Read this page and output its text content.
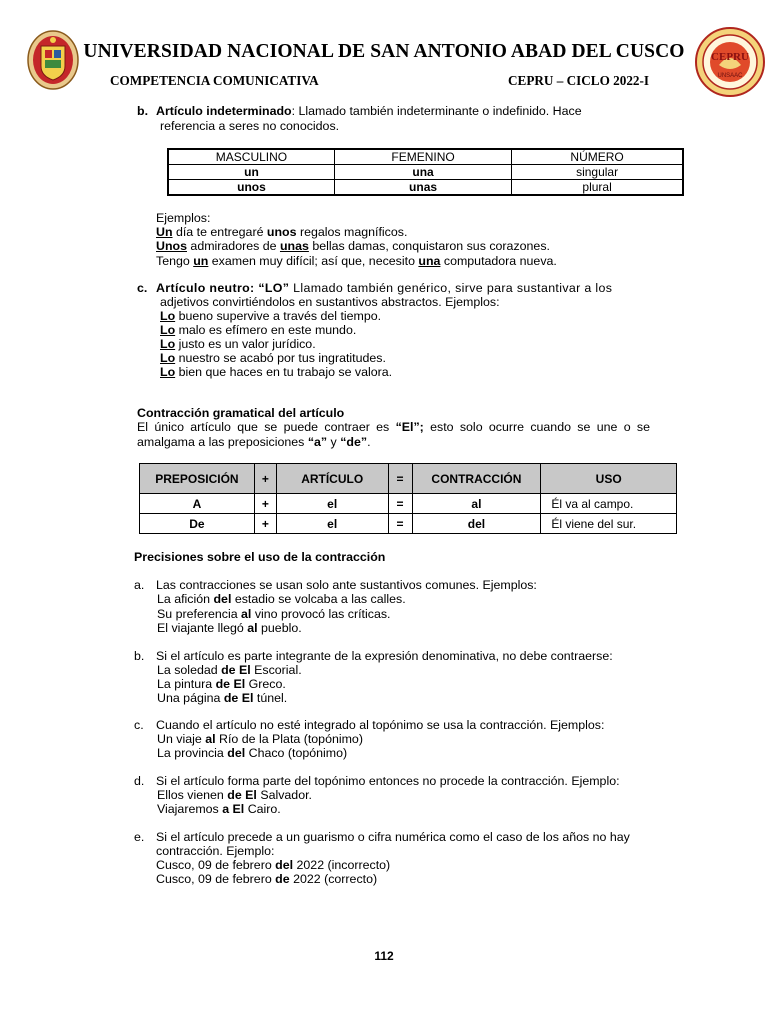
UNIVERSIDAD NACIONAL DE SAN ANTONIO ABAD DEL CUSCO
COMPETENCIA COMUNICATIVA	CEPRU – CICLO 2022-I
CEPRU
UNSAAC
b. Artículo indeterminado: Llamado también indeterminante o indefinido. Hace
referencia a seres no conocidos.
MASCULINO	FEMENINO	NÚMERO
un	una	singular
unos	unas	plural
Ejemplos:
Un día te entregaré unos regalos magníficos.
Unos admiradores de unas bellas damas, conquistaron sus corazones.
Tengo un examen muy difícil; así que, necesito una computadora nueva.
c. Artículo neutro: “LO” Llamado también genérico, sirve para sustantivar a los
adjetivos convirtiéndolos en sustantivos abstractos. Ejemplos:
Lo bueno supervive a través del tiempo.
Lo malo es efímero en este mundo.
Lo justo es un valor jurídico.
Lo nuestro se acabó por tus ingratitudes.
Lo bien que haces en tu trabajo se valora.
Contracción gramatical del artículo
El único artículo que se puede contraer es “El”; esto solo ocurre cuando se une o se
amalgama a las preposiciones “a” y “de”.
PREPOSICIÓN	+	ARTÍCULO	=	CONTRACCIÓN	USO
A	+	el	=	al	Él va al campo.
De	+	el	=	del	Él viene del sur.
Precisiones sobre el uso de la contracción
a. Las contracciones se usan solo ante sustantivos comunes. Ejemplos:
La afición del estadio se volcaba a las calles.
Su preferencia al vino provocó las críticas.
El viajante llegó al pueblo.
b. Si el artículo es parte integrante de la expresión denominativa, no debe contraerse:
La soledad de El Escorial.
La pintura de El Greco.
Una página de El túnel.
c. Cuando el artículo no esté integrado al topónimo se usa la contracción. Ejemplos:
Un viaje al Río de la Plata (topónimo)
La provincia del Chaco (topónimo)
d. Si el artículo forma parte del topónimo entonces no procede la contracción. Ejemplo:
Ellos vienen de El Salvador.
Viajaremos a El Cairo.
e. Si el artículo precede a un guarismo o cifra numérica como el caso de los años no hay
contracción. Ejemplo:
Cusco, 09 de febrero del 2022 (incorrecto)
Cusco, 09 de febrero de 2022 (correcto)
112
